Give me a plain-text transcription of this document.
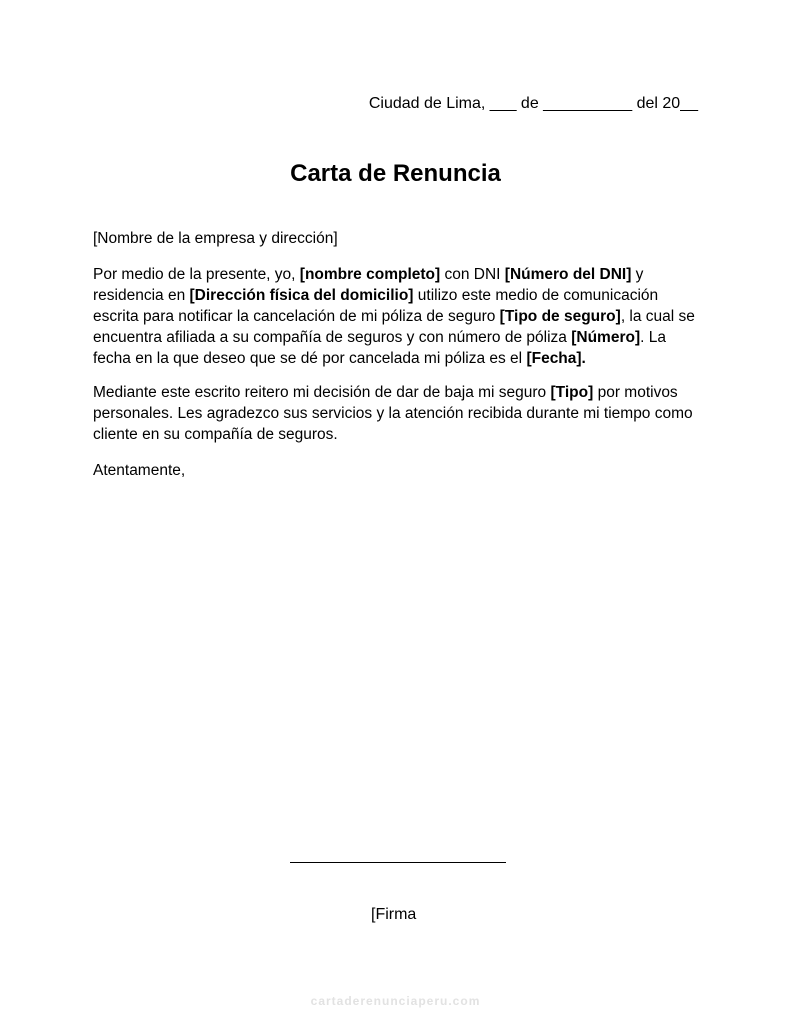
Ciudad de Lima, ___ de __________ del 20__
Carta de Renuncia
[Nombre de la empresa y dirección]

Por medio de la presente, yo, [nombre completo] con DNI [Número del DNI] y residencia en [Dirección física del domicilio] utilizo este medio de comunicación escrita para notificar la cancelación de mi póliza de seguro [Tipo de seguro], la cual se encuentra afiliada a su compañía de seguros y con número de póliza [Número]. La fecha en la que deseo que se dé por cancelada mi póliza es el [Fecha].

Mediante este escrito reitero mi decisión de dar de baja mi seguro [Tipo] por motivos personales. Les agradezco sus servicios y la atención recibida durante mi tiempo como cliente en su compañía de seguros.

Atentamente,
[Firma
cartaderenunciaperu.com
